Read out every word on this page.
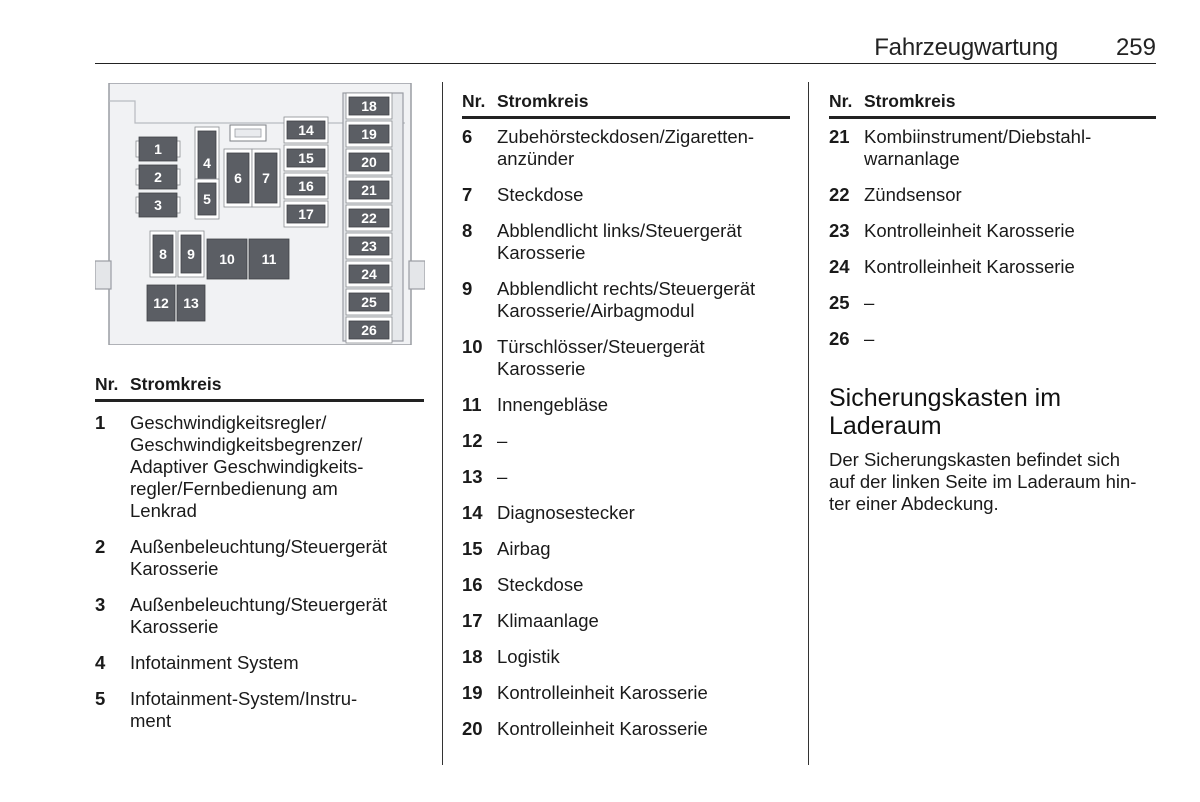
Fahrzeugwartung 259
1
2
3
4
5
6 7
8 9 10 11
12 13
14
15
16
17
18
19
20
21
22
23
24
25
26
Nr. Stromkreis
1	Geschwindigkeitsregler/
Geschwindigkeitsbegrenzer/
Adaptiver Geschwindigkeits-
regler/Fernbedienung am
Lenkrad
2	Außenbeleuchtung/Steuergerät
Karosserie
3	Außenbeleuchtung/Steuergerät
Karosserie
4	Infotainment System
5	Infotainment-System/Instru-
ment
Nr. Stromkreis
6	Zubehörsteckdosen/Zigaretten-
anzünder
7	Steckdose
8	Abblendlicht links/Steuergerät
Karosserie
9	Abblendlicht rechts/Steuergerät
Karosserie/Airbagmodul
10 Türschlösser/Steuergerät
Karosserie
11 Innengebläse
12 –
13 –
14 Diagnosestecker
15 Airbag
16 Steckdose
17 Klimaanlage
18 Logistik
19 Kontrolleinheit Karosserie
20 Kontrolleinheit Karosserie
Nr. Stromkreis
21 Kombiinstrument/Diebstahl-
warnanlage
22 Zündsensor
23 Kontrolleinheit Karosserie
24 Kontrolleinheit Karosserie
25 –
26 –
Sicherungskasten im
Laderaum
Der Sicherungskasten befindet sich
auf der linken Seite im Laderaum hin-
ter einer Abdeckung.
